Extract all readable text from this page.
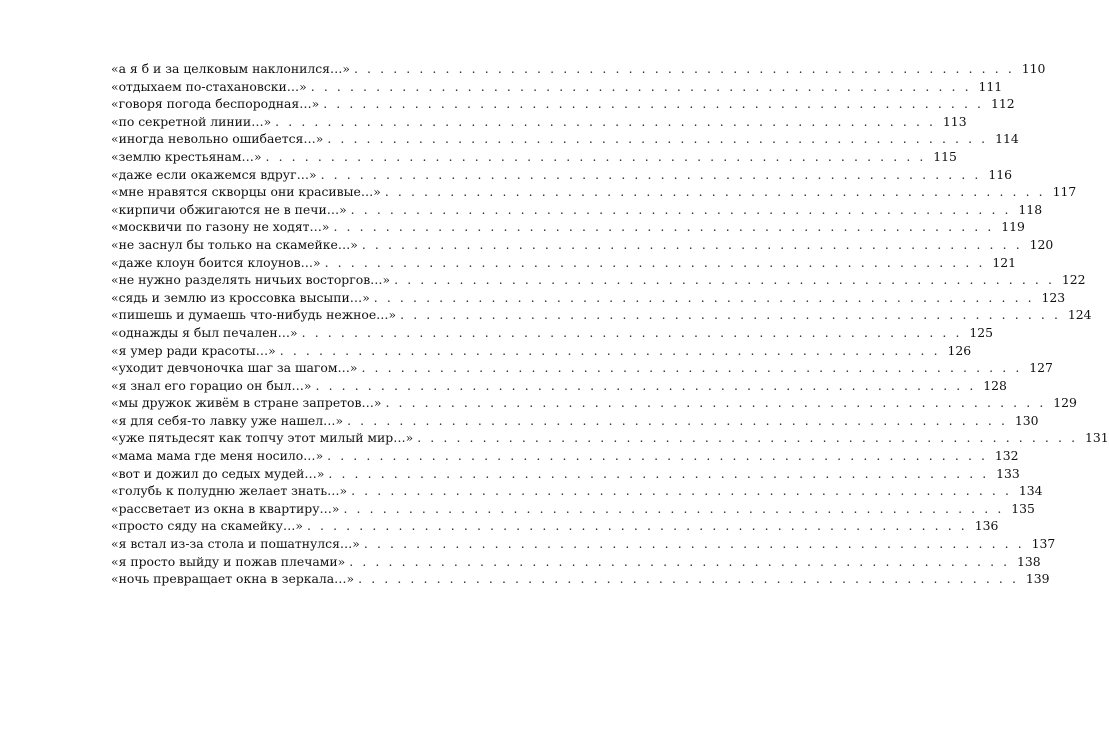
«а я б и за целковым наклонился…» . . . . . . . . . . . . . . . . . . . . . . . . . . . . . . . . . . . . . . . . . . . . . . . . . . . 110
«отдыхаем по-стахановски…» . . . . . . . . . . . . . . . . . . . . . . . . . . . . . . . . . . . . . . . . . . . . . . . . . . . 111
«говоря погода беспородная…» . . . . . . . . . . . . . . . . . . . . . . . . . . . . . . . . . . . . . . . . . . . . . . . . . . . 112
«по секретной линии…» . . . . . . . . . . . . . . . . . . . . . . . . . . . . . . . . . . . . . . . . . . . . . . . . . . . 113
«иногда невольно ошибается…» . . . . . . . . . . . . . . . . . . . . . . . . . . . . . . . . . . . . . . . . . . . . . . . . . . . 114
«землю крестьянам…» . . . . . . . . . . . . . . . . . . . . . . . . . . . . . . . . . . . . . . . . . . . . . . . . . . . 115
«даже если окажемся вдруг…» . . . . . . . . . . . . . . . . . . . . . . . . . . . . . . . . . . . . . . . . . . . . . . . . . . . 116
«мне нравятся скворцы они красивые…» . . . . . . . . . . . . . . . . . . . . . . . . . . . . . . . . . . . . . . . . . . . . . . . . . . . 117
«кирпичи обжигаются не в печи…» . . . . . . . . . . . . . . . . . . . . . . . . . . . . . . . . . . . . . . . . . . . . . . . . . . . 118
«москвичи по газону не ходят…» . . . . . . . . . . . . . . . . . . . . . . . . . . . . . . . . . . . . . . . . . . . . . . . . . . . 119
«не заснул бы только на скамейке…» . . . . . . . . . . . . . . . . . . . . . . . . . . . . . . . . . . . . . . . . . . . . . . . . . . . 120
«даже клоун боится клоунов…» . . . . . . . . . . . . . . . . . . . . . . . . . . . . . . . . . . . . . . . . . . . . . . . . . . . 121
«не нужно разделять ничьих восторгов…» . . . . . . . . . . . . . . . . . . . . . . . . . . . . . . . . . . . . . . . . . . . . . . . . . . . 122
«сядь и землю из кроссовка высыпи…» . . . . . . . . . . . . . . . . . . . . . . . . . . . . . . . . . . . . . . . . . . . . . . . . . . . 123
«пишешь и думаешь что-нибудь нежное…» . . . . . . . . . . . . . . . . . . . . . . . . . . . . . . . . . . . . . . . . . . . . . . . . . . . 124
«однажды я был печален…» . . . . . . . . . . . . . . . . . . . . . . . . . . . . . . . . . . . . . . . . . . . . . . . . . . . 125
«я умер ради красоты…» . . . . . . . . . . . . . . . . . . . . . . . . . . . . . . . . . . . . . . . . . . . . . . . . . . . 126
«уходит девчоночка шаг за шагом…» . . . . . . . . . . . . . . . . . . . . . . . . . . . . . . . . . . . . . . . . . . . . . . . . . . . 127
«я знал его горацио он был…» . . . . . . . . . . . . . . . . . . . . . . . . . . . . . . . . . . . . . . . . . . . . . . . . . . . 128
«мы дружок живём в стране запретов…» . . . . . . . . . . . . . . . . . . . . . . . . . . . . . . . . . . . . . . . . . . . . . . . . . . . 129
«я для себя-то лавку уже нашел…» . . . . . . . . . . . . . . . . . . . . . . . . . . . . . . . . . . . . . . . . . . . . . . . . . . . 130
«уже пятьдесят как топчу этот милый мир…» . . . . . . . . . . . . . . . . . . . . . . . . . . . . . . . . . . . . . . . . . . . . . . . . . . . 131
«мама мама где меня носило…» . . . . . . . . . . . . . . . . . . . . . . . . . . . . . . . . . . . . . . . . . . . . . . . . . . . 132
«вот и дожил до седых мудей…» . . . . . . . . . . . . . . . . . . . . . . . . . . . . . . . . . . . . . . . . . . . . . . . . . . . 133
«голубь к полудню желает знать…» . . . . . . . . . . . . . . . . . . . . . . . . . . . . . . . . . . . . . . . . . . . . . . . . . . . 134
«рассветает из окна в квартиру…» . . . . . . . . . . . . . . . . . . . . . . . . . . . . . . . . . . . . . . . . . . . . . . . . . . . 135
«просто сяду на скамейку…» . . . . . . . . . . . . . . . . . . . . . . . . . . . . . . . . . . . . . . . . . . . . . . . . . . . 136
«я встал из-за стола и пошатнулся…» . . . . . . . . . . . . . . . . . . . . . . . . . . . . . . . . . . . . . . . . . . . . . . . . . . . 137
«я просто выйду и пожав плечами» . . . . . . . . . . . . . . . . . . . . . . . . . . . . . . . . . . . . . . . . . . . . . . . . . . . 138
«ночь превращает окна в зеркала…» . . . . . . . . . . . . . . . . . . . . . . . . . . . . . . . . . . . . . . . . . . . . . . . . . . . 139
